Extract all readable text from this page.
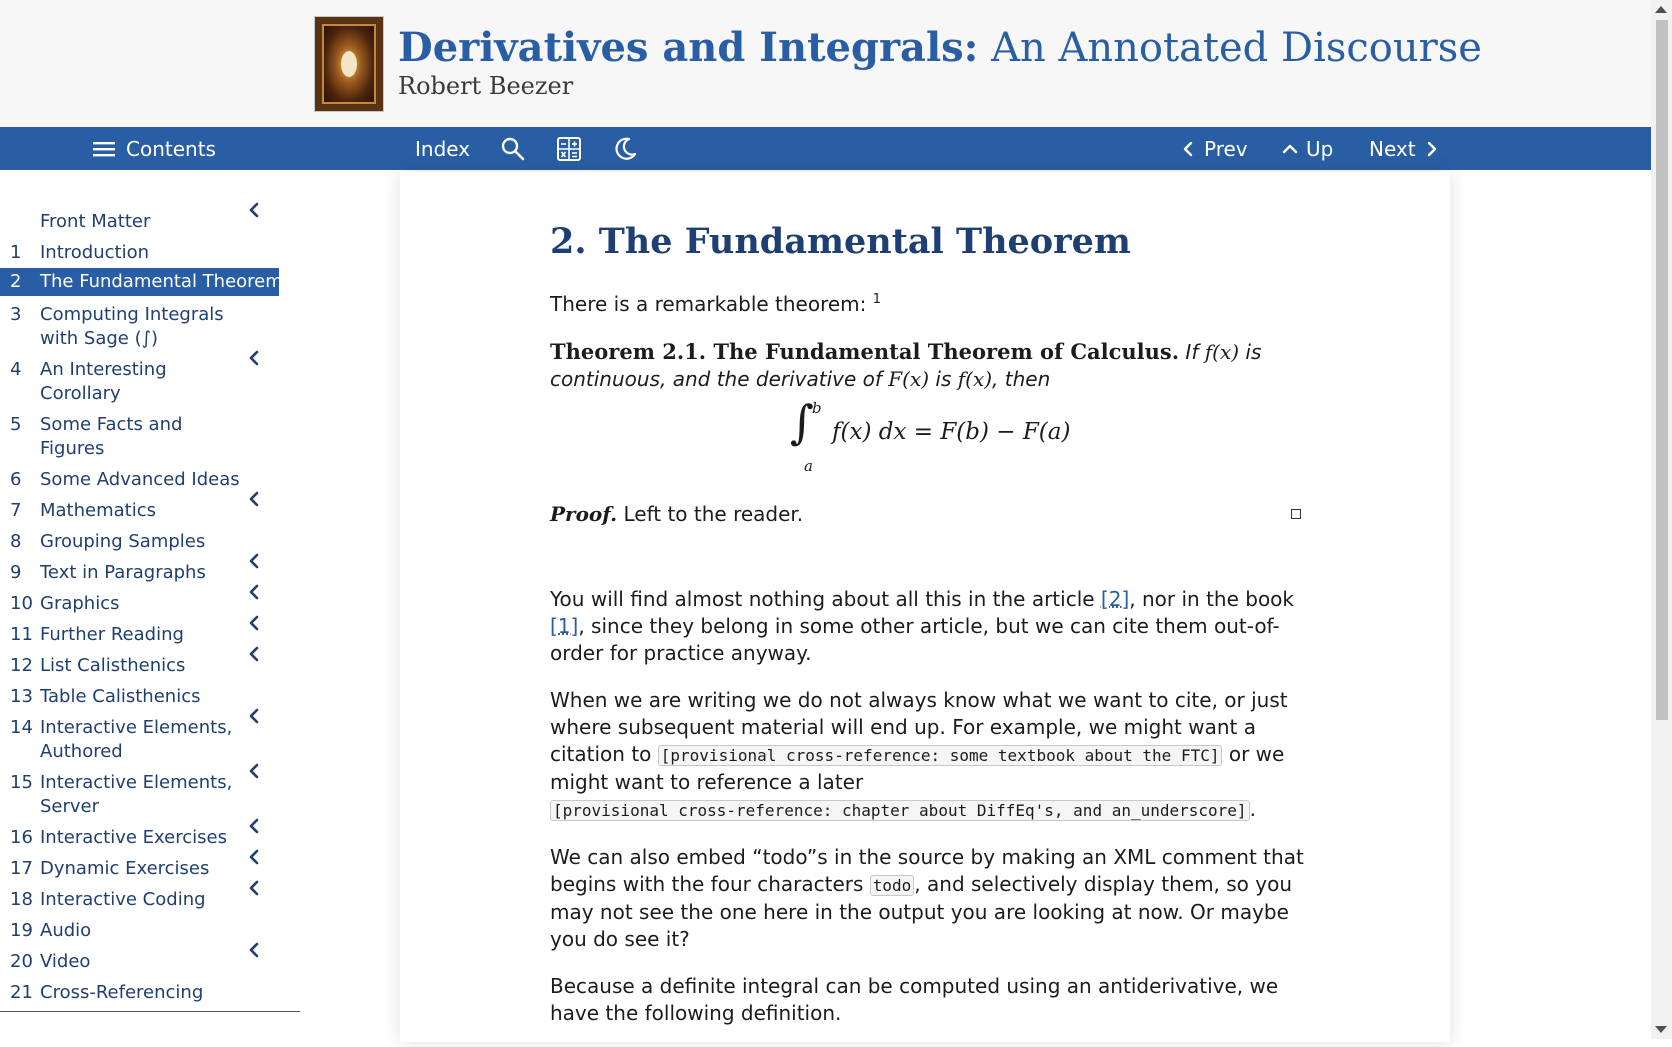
Derivatives and Integrals: An Annotated Discourse
Robert Beezer
Contents	Index	Prev	Up Next
Front Matter
1	Introduction
2	The Fundamental Theorem
3	Computing Integrals with Sage (∫)
4	An Interesting Corollary
5	Some Facts and Figures
6	Some Advanced Ideas
7	Mathematics
8	Grouping Samples
9	Text in Paragraphs
10 Graphics
11 Further Reading
12 List Calisthenics
13 Table Calisthenics
14 Interactive Elements, Authored
15 Interactive Elements, Server
16 Interactive Exercises
17 Dynamic Exercises
18 Interactive Coding
19 Audio
20 Video
21 Cross-Referencing
2. The Fundamental Theorem

There is a remarkable theorem: $^1$

Theorem 2.1. The Fundamental Theorem of Calculus. If f(x) is continuous, and the derivative of F(x) is f(x), then

∫
b
a
f(x) dx = F(b) − F(a)
Proof. Left to the reader.

You will find almost nothing about all this in the article [2], nor in the book [1], since they belong in some other article, but we can cite them out-of-order for practice anyway.

When we are writing we do not always know what we want to cite, or just where subsequent material will end up. For example, we might want a citation to [provisional cross-reference: some textbook about the FTC] or we might want to reference a later [provisional cross-reference: chapter about DiffEq's, and an_underscore] .

We can also embed “todo”s in the source by making an XML comment that begins with the four characters todo , and selectively display them, so you may not see the one here in the output you are looking at now. Or maybe you do see it?

Because a definite integral can be computed using an antiderivative, we have the following definition.
